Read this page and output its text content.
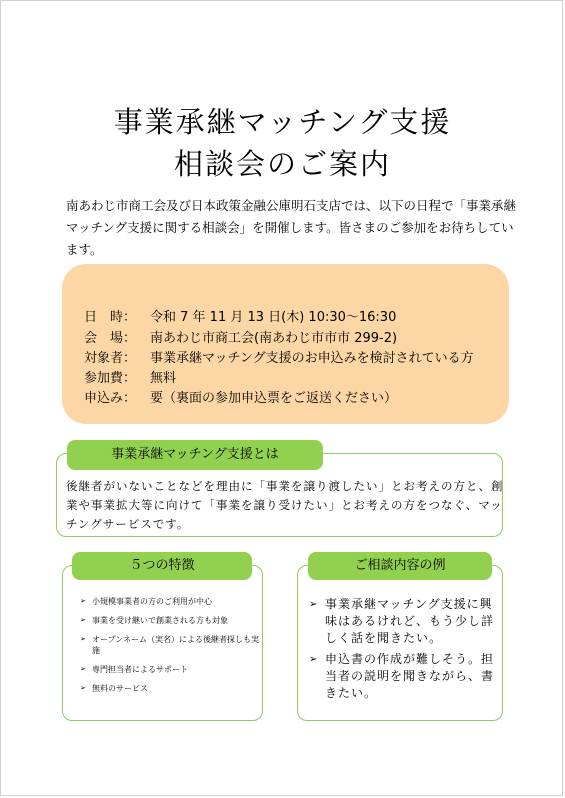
事業承継マッチング支援
相談会のご案内
南あわじ市商工会及び日本政策金融公庫明石支店では、以下の日程で「事業承継マッチング支援に関する相談会」を開催します。皆さまのご参加をお待ちしています。
日　時： 令和 7 年 11 月 13 日(木) 10:30～16:30
会　場： 南あわじ市商工会(南あわじ市市市 299-2)
対象者： 事業承継マッチング支援のお申込みを検討されている方
参加費： 無料
申込み： 要（裏面の参加申込票をご返送ください）
事業承継マッチング支援とは
後継者がいないことなどを理由に「事業を譲り渡したい」とお考えの方と、創業や事業拡大等に向けて「事業を譲り受けたい」とお考えの方をつなぐ、マッチングサービスです。
５つの特徴
➢ 小規模事業者の方のご利用が中心
➢ 事業を受け継いで創業される方も対象
➢ オープンネーム（実名）による後継者探しも実施
➢ 専門担当者によるサポート
➢ 無料のサービス
ご相談内容の例
➢ 事業承継マッチング支援に興味はあるけれど、もう少し詳しく話を聞きたい。
➢ 申込書の作成が難しそう。担当者の説明を聞きながら、書きたい。
